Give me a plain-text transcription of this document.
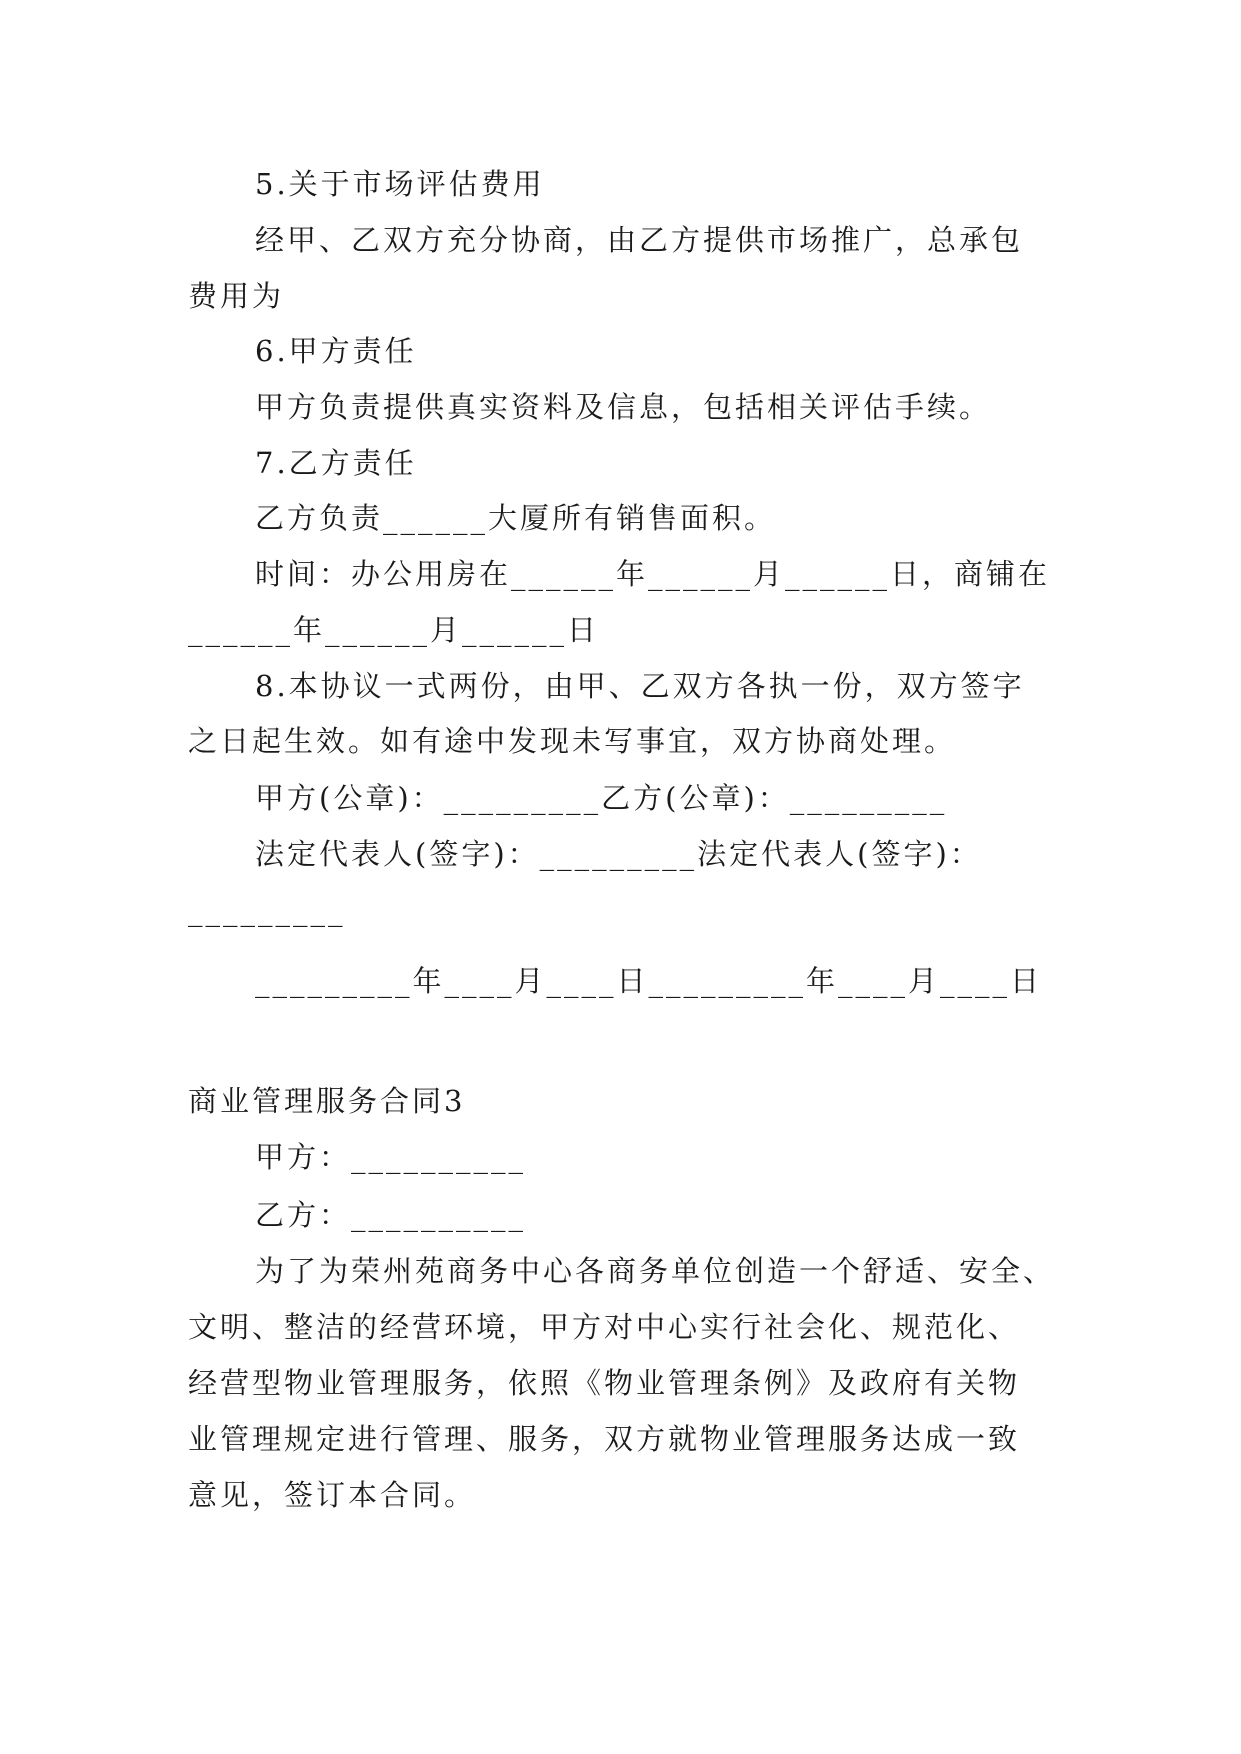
5.关于市场评估费用
经甲、乙双方充分协商，由乙方提供市场推广，总承包
费用为
6.甲方责任
甲方负责提供真实资料及信息，包括相关评估手续。
7.乙方责任
乙方负责______大厦所有销售面积。
时间：办公用房在______年______月______日，商铺在
______年______月______日
8.本协议一式两份，由甲、乙双方各执一份，双方签字
之日起生效。如有途中发现未写事宜，双方协商处理。
甲方(公章)：_________乙方(公章)：_________
法定代表人(签字)：_________法定代表人(签字)：
_________
_________年____月____日_________年____月____日
商业管理服务合同3
甲方：__________
乙方：__________
为了为荣州苑商务中心各商务单位创造一个舒适、安全、
文明、整洁的经营环境，甲方对中心实行社会化、规范化、
经营型物业管理服务，依照《物业管理条例》及政府有关物
业管理规定进行管理、服务，双方就物业管理服务达成一致
意见，签订本合同。
